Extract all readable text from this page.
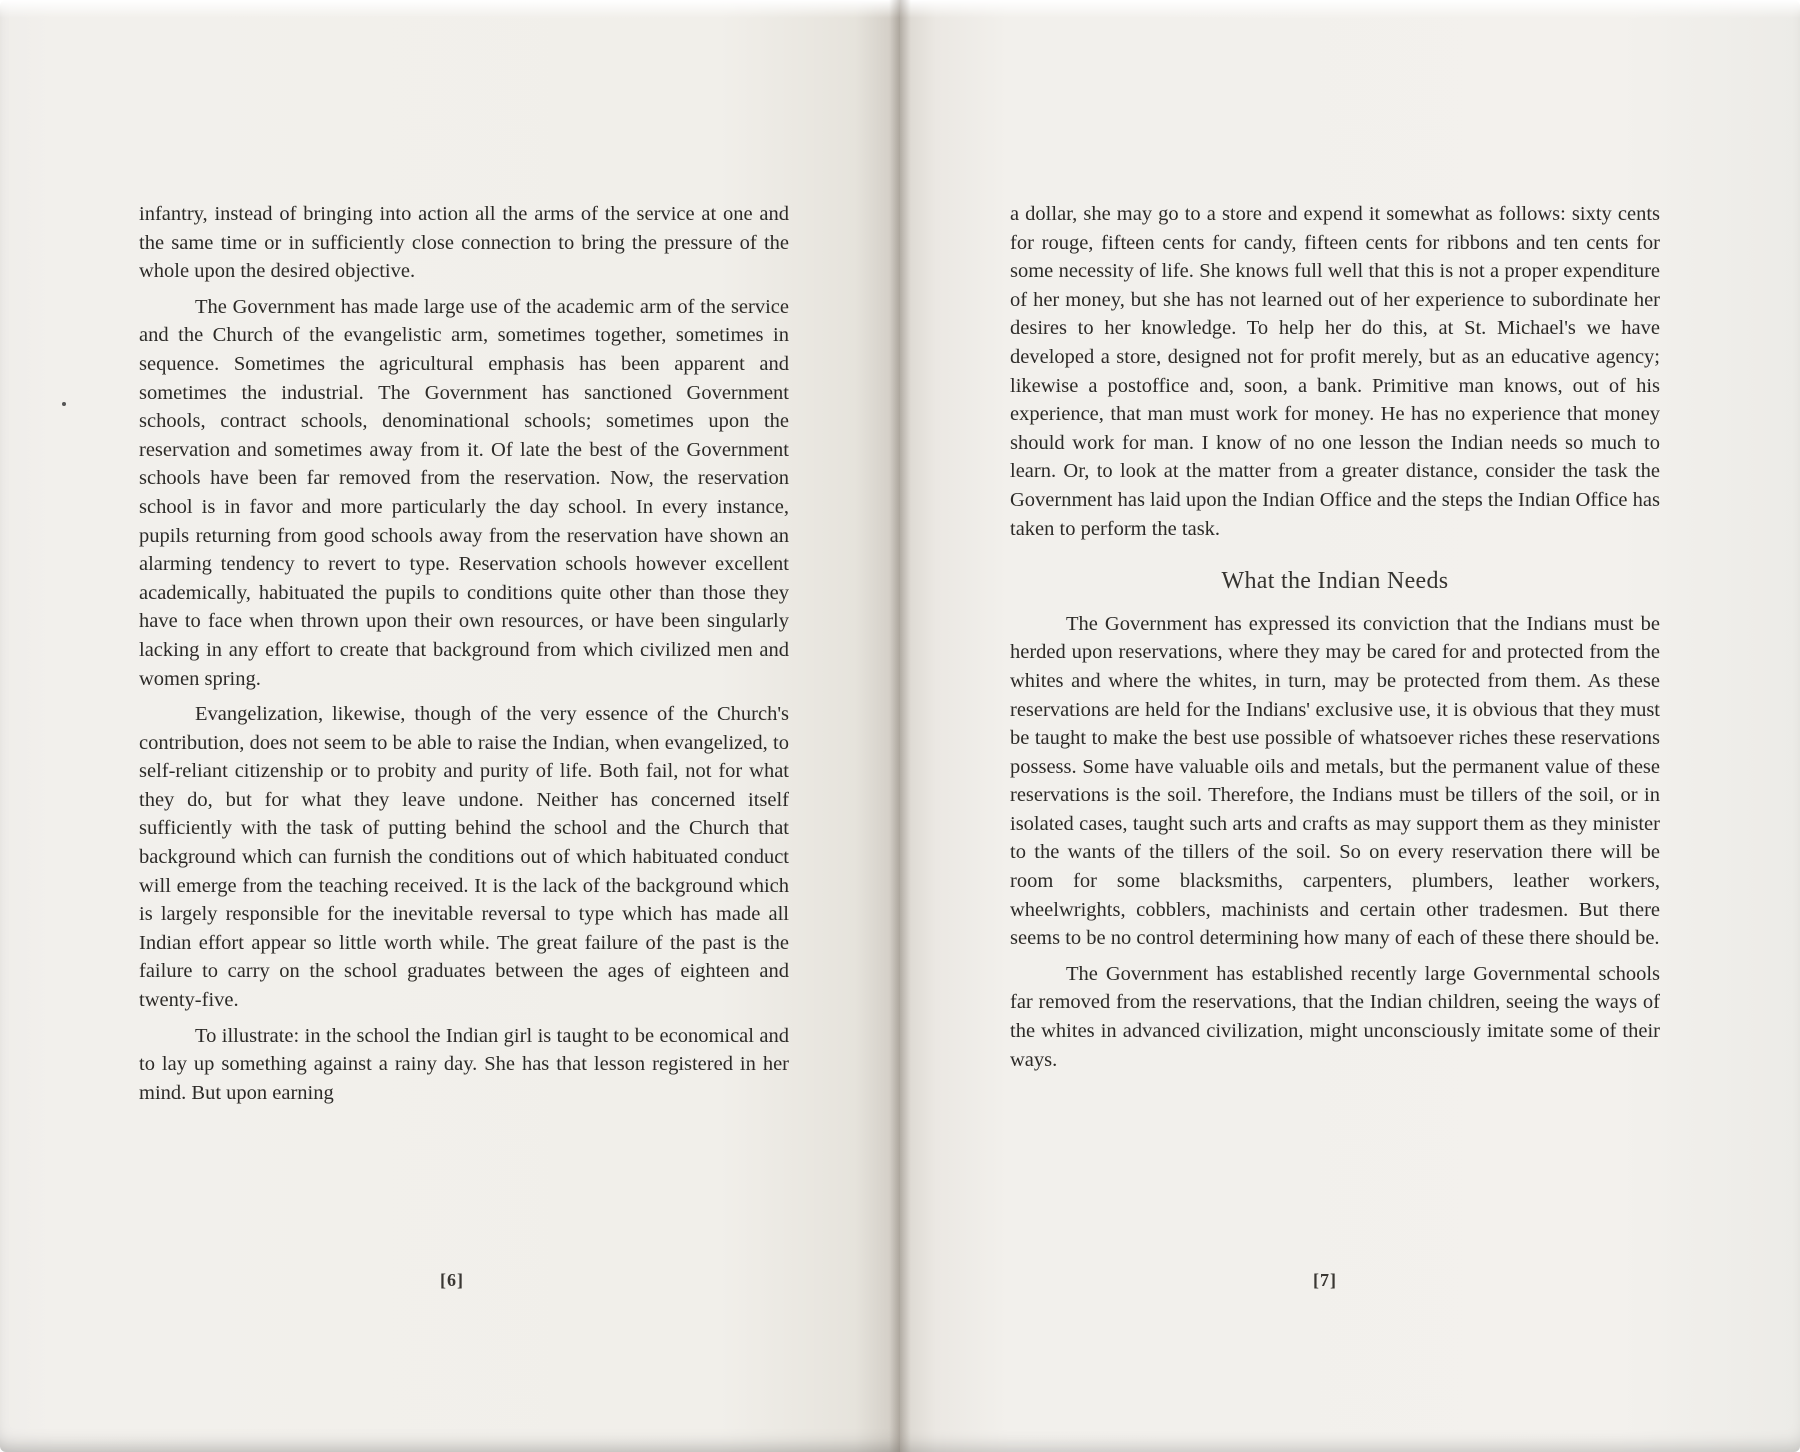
infantry, instead of bringing into action all the arms of the service at one and the same time or in sufficiently close connection to bring the pressure of the whole upon the desired objective.

The Government has made large use of the academic arm of the service and the Church of the evangelistic arm, sometimes together, sometimes in sequence. Sometimes the agricultural emphasis has been apparent and sometimes the industrial. The Government has sanctioned Government schools, contract schools, denominational schools; sometimes upon the reservation and sometimes away from it. Of late the best of the Government schools have been far removed from the reservation. Now, the reservation school is in favor and more particularly the day school. In every instance, pupils returning from good schools away from the reservation have shown an alarming tendency to revert to type. Reservation schools however excellent academically, habituated the pupils to conditions quite other than those they have to face when thrown upon their own resources, or have been singularly lacking in any effort to create that background from which civilized men and women spring.

Evangelization, likewise, though of the very essence of the Church's contribution, does not seem to be able to raise the Indian, when evangelized, to self-reliant citizenship or to probity and purity of life. Both fail, not for what they do, but for what they leave undone. Neither has concerned itself sufficiently with the task of putting behind the school and the Church that background which can furnish the conditions out of which habituated conduct will emerge from the teaching received. It is the lack of the background which is largely responsible for the inevitable reversal to type which has made all Indian effort appear so little worth while. The great failure of the past is the failure to carry on the school graduates between the ages of eighteen and twenty-five.

To illustrate: in the school the Indian girl is taught to be economical and to lay up something against a rainy day. She has that lesson registered in her mind. But upon earning

[6]

a dollar, she may go to a store and expend it somewhat as follows: sixty cents for rouge, fifteen cents for candy, fifteen cents for ribbons and ten cents for some necessity of life. She knows full well that this is not a proper expenditure of her money, but she has not learned out of her experience to subordinate her desires to her knowledge. To help her do this, at St. Michael's we have developed a store, designed not for profit merely, but as an educative agency; likewise a postoffice and, soon, a bank. Primitive man knows, out of his experience, that man must work for money. He has no experience that money should work for man. I know of no one lesson the Indian needs so much to learn. Or, to look at the matter from a greater distance, consider the task the Government has laid upon the Indian Office and the steps the Indian Office has taken to perform the task.

What the Indian Needs

The Government has expressed its conviction that the Indians must be herded upon reservations, where they may be cared for and protected from the whites and where the whites, in turn, may be protected from them. As these reservations are held for the Indians' exclusive use, it is obvious that they must be taught to make the best use possible of whatsoever riches these reservations possess. Some have valuable oils and metals, but the permanent value of these reservations is the soil. Therefore, the Indians must be tillers of the soil, or in isolated cases, taught such arts and crafts as may support them as they minister to the wants of the tillers of the soil. So on every reservation there will be room for some blacksmiths, carpenters, plumbers, leather workers, wheelwrights, cobblers, machinists and certain other tradesmen. But there seems to be no control determining how many of each of these there should be.

The Government has established recently large Governmental schools far removed from the reservations, that the Indian children, seeing the ways of the whites in advanced civilization, might unconsciously imitate some of their ways.

[7]
